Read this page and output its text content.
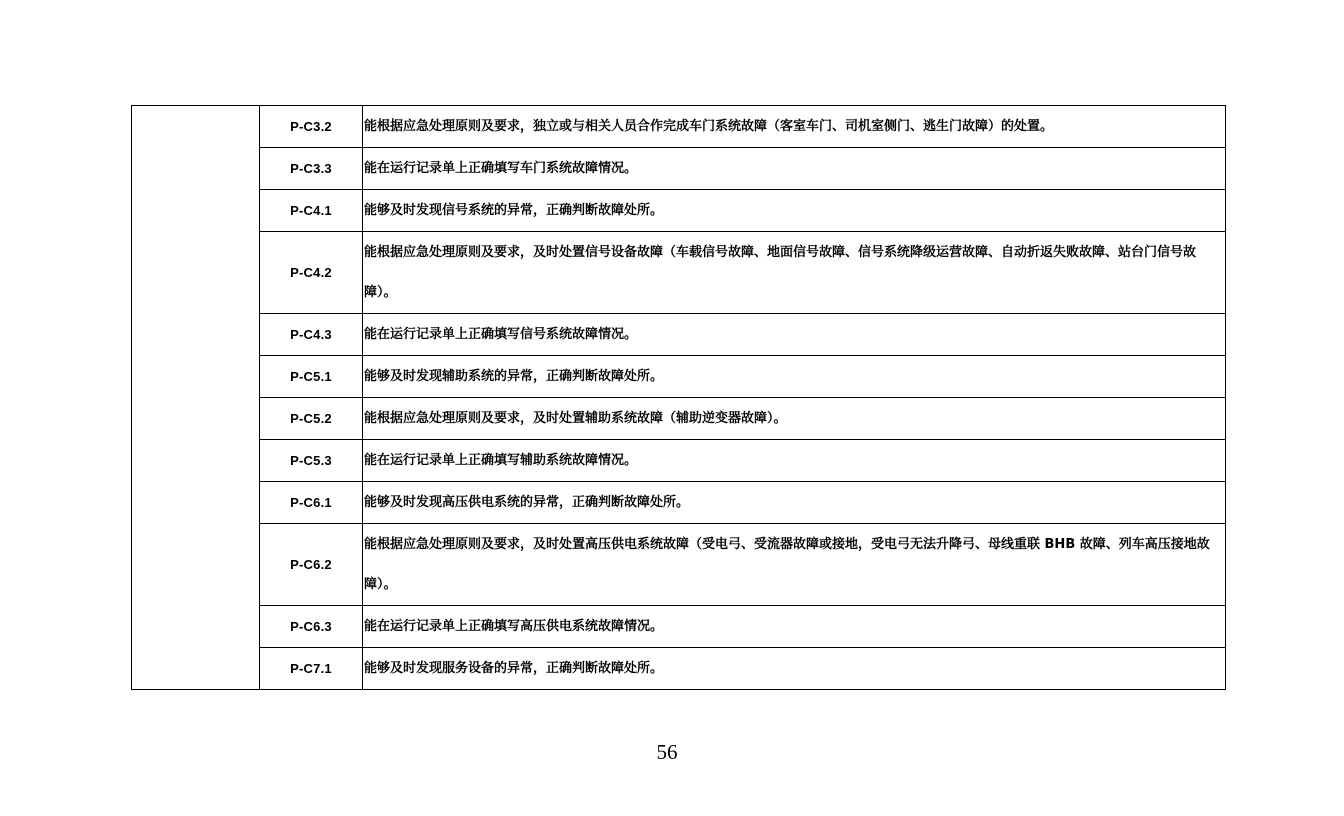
	P-C3.2	能根据应急处理原则及要求，独立或与相关人员合作完成车门系统故障（客室车门、司机室侧门、逃生门故障）的处置。
	P-C3.3	能在运行记录单上正确填写车门系统故障情况。
	P-C4.1	能够及时发现信号系统的异常，正确判断故障处所。
	P-C4.2	能根据应急处理原则及要求，及时处置信号设备故障（车载信号故障、地面信号故障、信号系统降级运营故障、自动折返失败故障、站台门信号故障）。
	P-C4.3	能在运行记录单上正确填写信号系统故障情况。
	P-C5.1	能够及时发现辅助系统的异常，正确判断故障处所。
	P-C5.2	能根据应急处理原则及要求，及时处置辅助系统故障（辅助逆变器故障）。
	P-C5.3	能在运行记录单上正确填写辅助系统故障情况。
	P-C6.1	能够及时发现高压供电系统的异常，正确判断故障处所。
	P-C6.2	能根据应急处理原则及要求，及时处置高压供电系统故障（受电弓、受流器故障或接地，受电弓无法升降弓、母线重联 BHB 故障、列车高压接地故障）。
	P-C6.3	能在运行记录单上正确填写高压供电系统故障情况。
	P-C7.1	能够及时发现服务设备的异常，正确判断故障处所。
56
